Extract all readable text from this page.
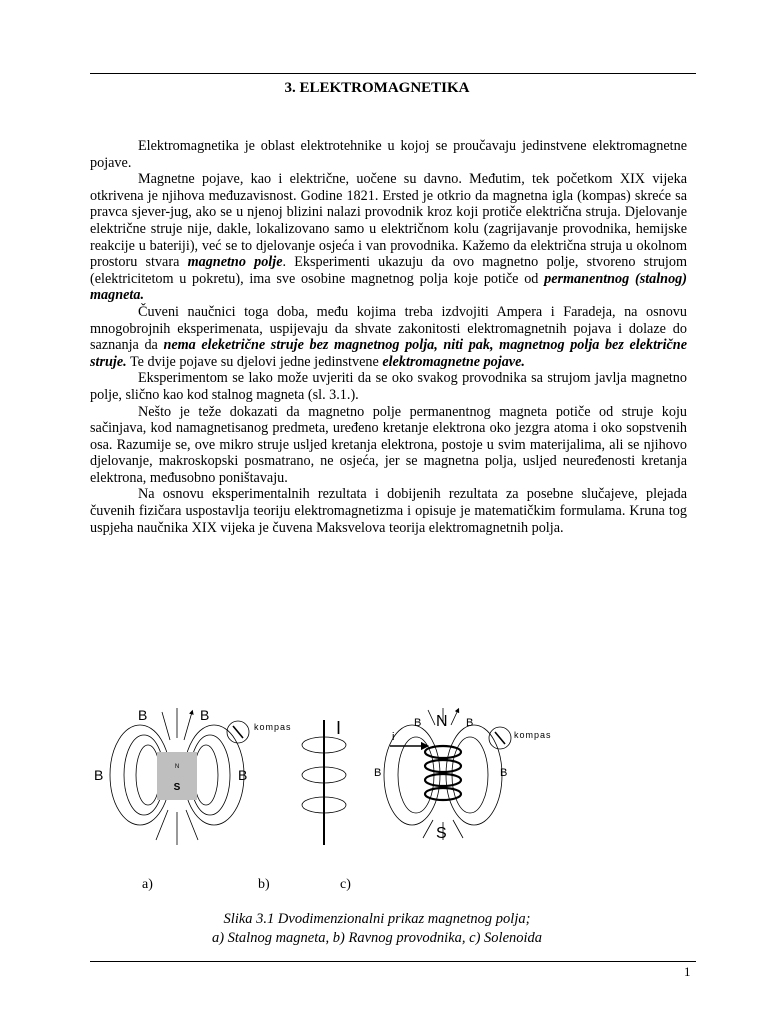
3. ELEKTROMAGNETIKA

Elektromagnetika je oblast elektrotehnike u kojoj se proučavaju jedinstvene elektromagnetne pojave.

Magnetne pojave, kao i električne, uočene su davno. Međutim, tek početkom XIX vijeka otkrivena je njihova međuzavisnost. Godine 1821. Ersted je otkrio da magnetna igla (kompas) skreće sa pravca sjever-jug, ako se u njenoj blizini nalazi provodnik kroz koji protiče električna struja. Djelovanje električne struje nije, dakle, lokalizovano samo u električnom kolu (zagrijavanje provodnika, hemijske reakcije u bateriji), već se to djelovanje osjeća i van provodnika. Kažemo da električna struja u okolnom prostoru stvara magnetno polje. Eksperimenti ukazuju da ovo magnetno polje, stvoreno strujom (elektricitetom u pokretu), ima sve osobine magnetnog polja koje potiče od permanentnog (stalnog) magneta.

Čuveni naučnici toga doba, među kojima treba izdvojiti Ampera i Faradeja, na osnovu mnogobrojnih eksperimenata, uspijevaju da shvate zakonitosti elektromagnetnih pojava i dolaze do saznanja da nema eleketrične struje bez magnetnog polja, niti pak, magnetnog polja bez električne struje. Te dvije pojave su djelovi jedne jedinstvene elektromagnetne pojave.

Eksperimentom se lako može uvjeriti da se oko svakog provodnika sa strujom javlja magnetno polje, slično kao kod stalnog magneta (sl. 3.1.).

Nešto je teže dokazati da magnetno polje permanentnog magneta potiče od struje koju sačinjava, kod namagnetisanog predmeta, uređeno kretanje elektrona oko jezgra atoma i oko sopstvenih osa. Razumije se, ove mikro struje usljed kretanja elektrona, postoje u svim materijalima, ali se njihovo djelovanje, makroskopski posmatrano, ne osjeća, jer se magnetna polja, usljed neuređenosti kretanja elektrona, međusobno poništavaju.

Na osnovu eksperimentalnih rezultata i dobijenih rezultata za posebne slučajeve, plejada čuvenih fizičara uspostavlja teoriju elektromagnetizma i opisuje je matematičkim formulama. Kruna tog uspjeha naučnika XIX vijeka je čuvena Maksvelova teorija elektromagnetnih polja.

N
S
B	B
B	B
kompas I	i
N
S
B	B
B	B
kompas
a)	b)	c)
Slika 3.1 Dvodimenzionalni prikaz magnetnog polja;
a) Stalnog magneta, b) Ravnog provodnika, c) Solenoida
1
